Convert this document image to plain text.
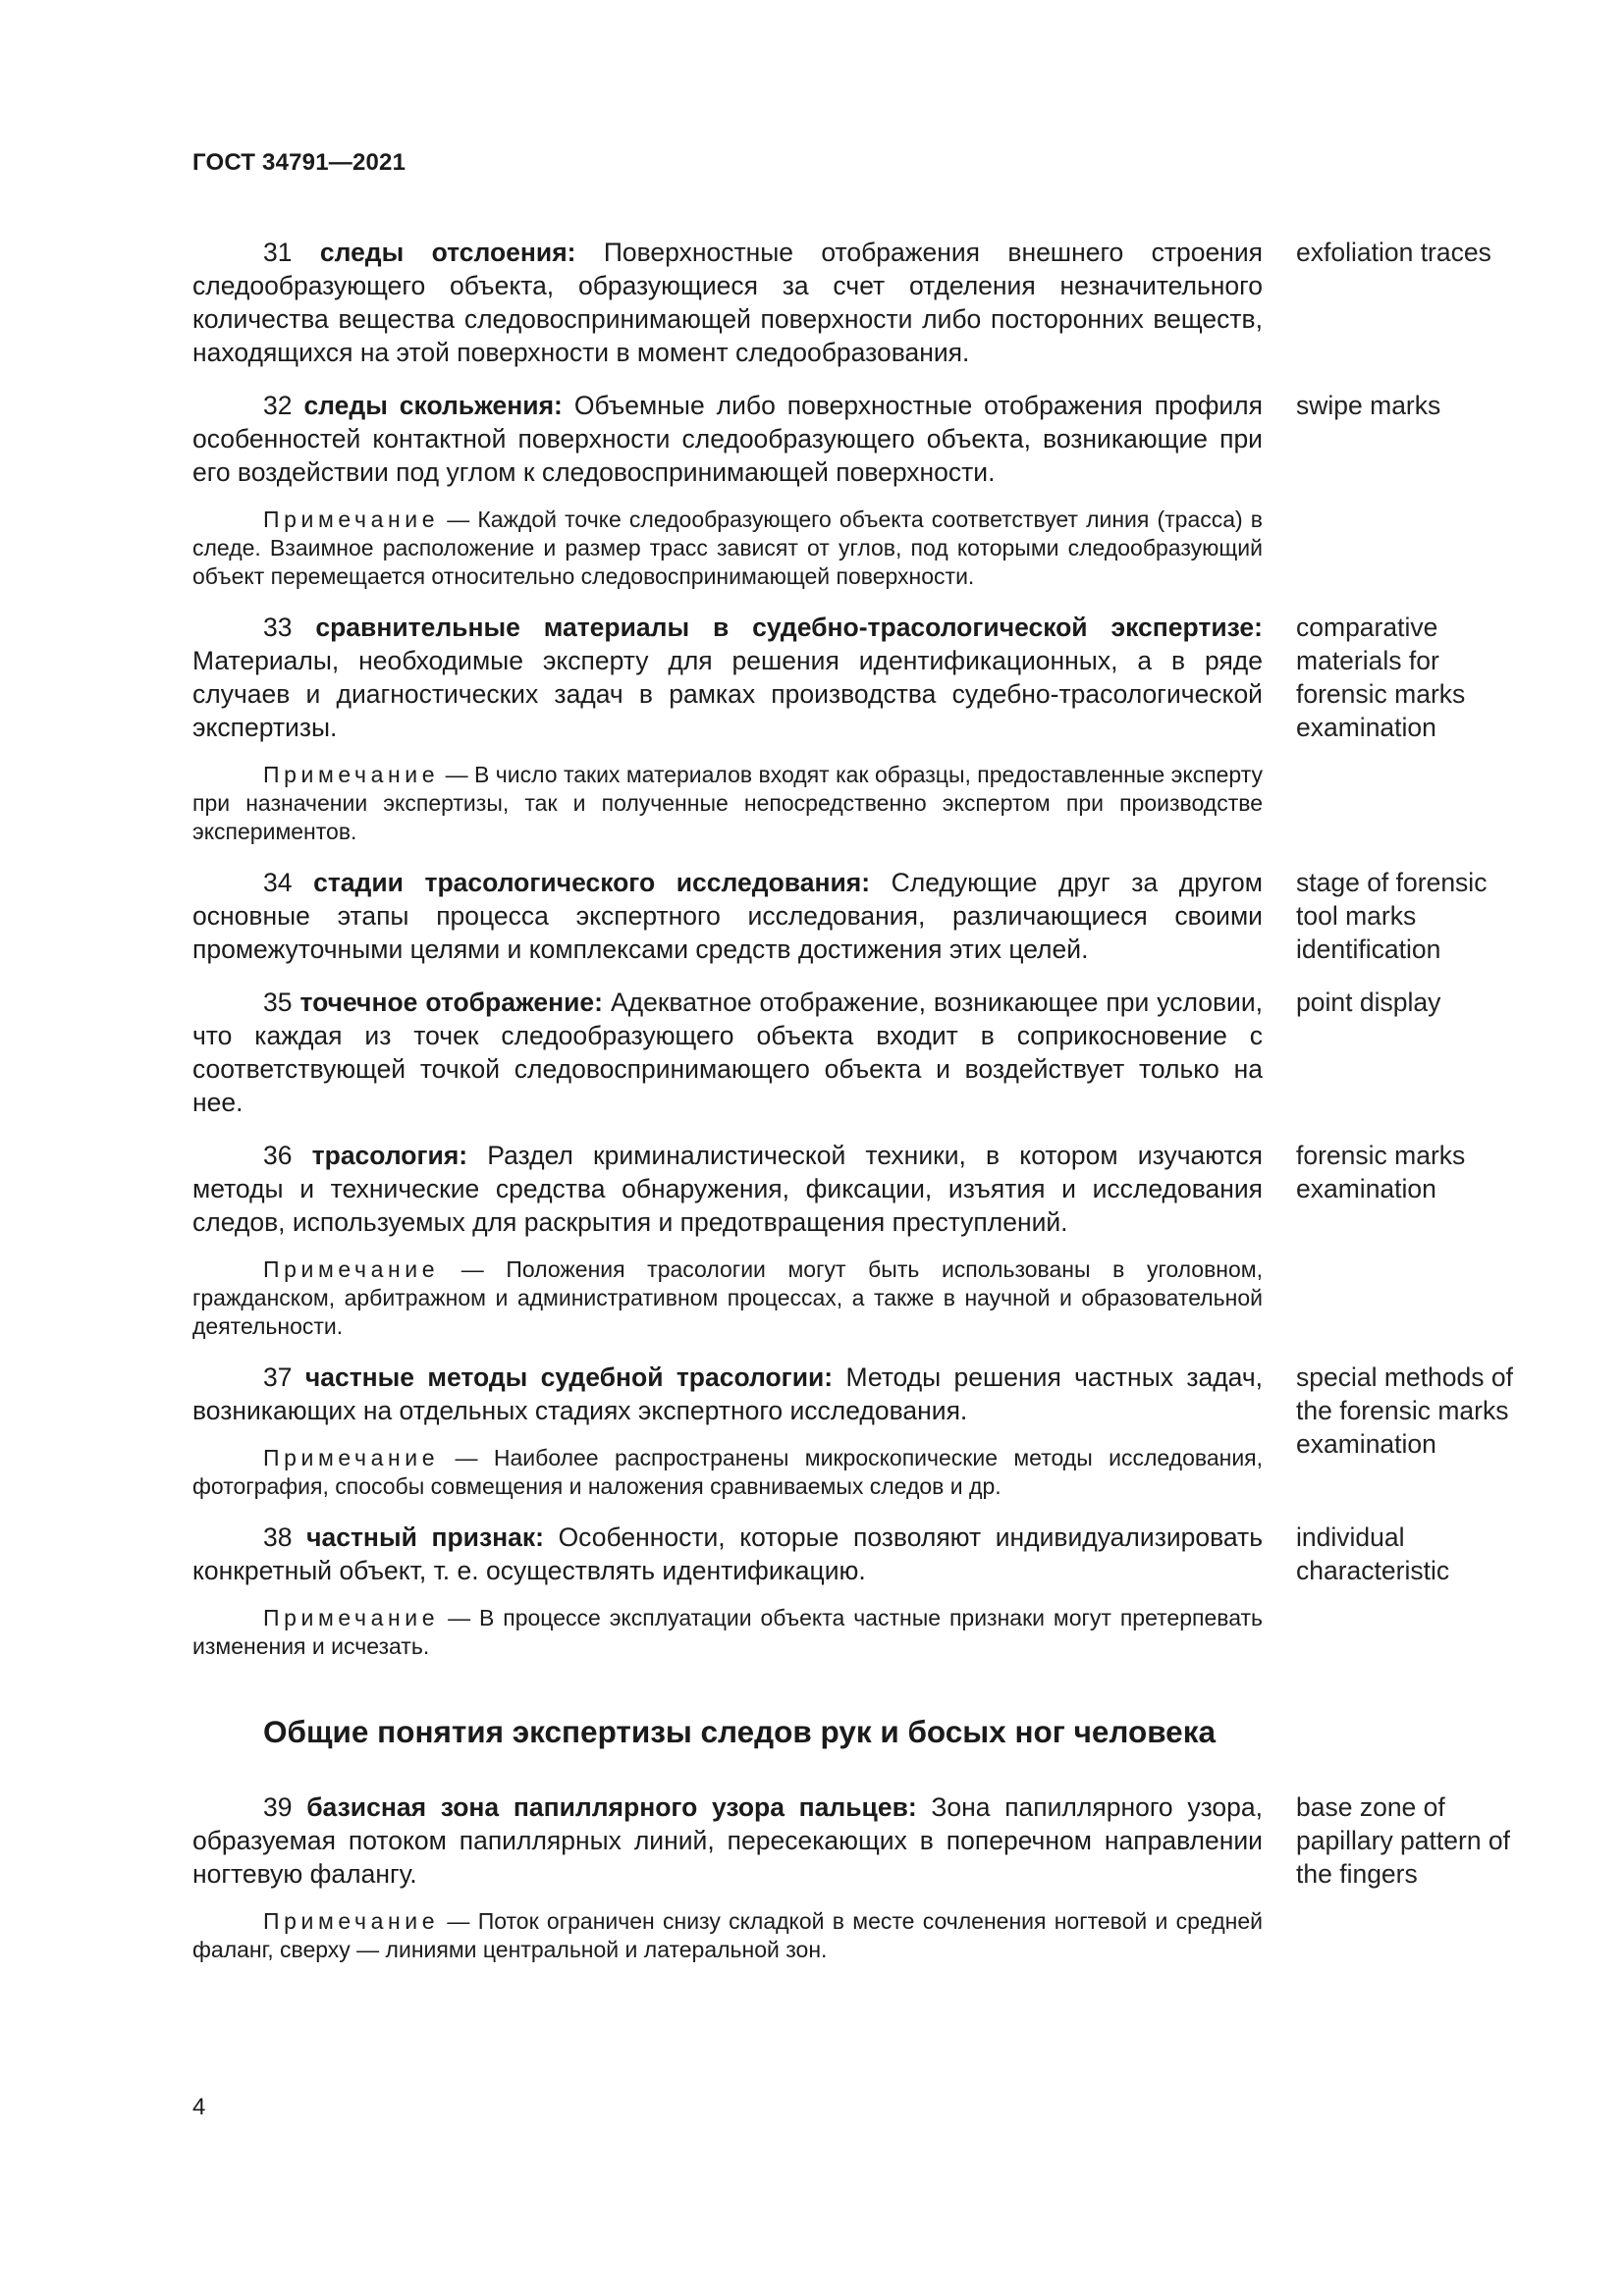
ГОСТ 34791—2021

31 следы отслоения: Поверхностные отображения внешнего строения следообразующего объекта, образующиеся за счет отделения незначительного количества вещества следовоспринимающей поверхности либо посторонних веществ, находящихся на этой поверхности в момент следообразования.

exfoliation traces

32 следы скольжения: Объемные либо поверхностные отображения профиля особенностей контактной поверхности следообразующего объекта, возникающие при его воздействии под углом к следовоспринимающей поверхности.

Примечание — Каждой точке следообразующего объекта соответствует линия (трасса) в следе. Взаимное расположение и размер трасс зависят от углов, под которыми следообразующий объект перемещается относительно следовоспринимающей поверхности.

swipe marks

33 сравнительные материалы в судебно-трасологической экспертизе: Материалы, необходимые эксперту для решения идентификационных, а в ряде случаев и диагностических задач в рамках производства судебно-трасологической экспертизы.

Примечание — В число таких материалов входят как образцы, предоставленные эксперту при назначении экспертизы, так и полученные непосредственно экспертом при производстве экспериментов.

comparative materials for forensic marks examination

34 стадии трасологического исследования: Следующие друг за другом основные этапы процесса экспертного исследования, различающиеся своими промежуточными целями и комплексами средств достижения этих целей.

stage of forensic tool marks identification

35 точечное отображение: Адекватное отображение, возникающее при условии, что каждая из точек следообразующего объекта входит в соприкосновение с соответствующей точкой следовоспринимающего объекта и воздействует только на нее.

point display

36 трасология: Раздел криминалистической техники, в котором изучаются методы и технические средства обнаружения, фиксации, изъятия и исследования следов, используемых для раскрытия и предотвращения преступлений.

Примечание — Положения трасологии могут быть использованы в уголовном, гражданском, арбитражном и административном процессах, а также в научной и образовательной деятельности.

forensic marks examination

37 частные методы судебной трасологии: Методы решения частных задач, возникающих на отдельных стадиях экспертного исследования.

Примечание — Наиболее распространены микроскопические методы исследования, фотография, способы совмещения и наложения сравниваемых следов и др.

special methods of the forensic marks examination

38 частный признак: Особенности, которые позволяют индивидуализировать конкретный объект, т. е. осуществлять идентификацию.

Примечание — В процессе эксплуатации объекта частные признаки могут претерпевать изменения и исчезать.

individual characteristic
Общие понятия экспертизы следов рук и босых ног человека

39 базисная зона папиллярного узора пальцев: Зона папиллярного узора, образуемая потоком папиллярных линий, пересекающих в поперечном направлении ногтевую фалангу.

Примечание — Поток ограничен снизу складкой в месте сочленения ногтевой и средней фаланг, сверху — линиями центральной и латеральной зон.

base zone of papillary pattern of the fingers
4
